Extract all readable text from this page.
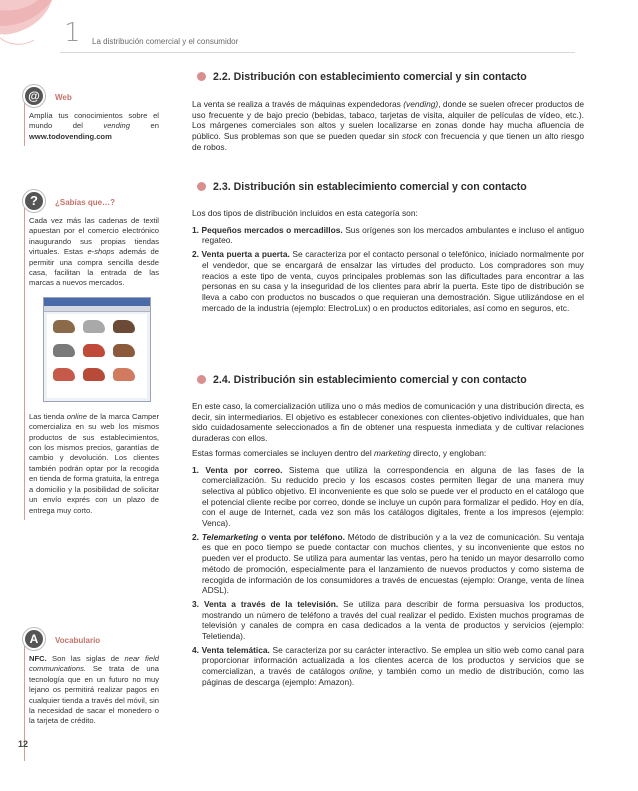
1 La distribución comercial y el consumidor
@	Web
Amplía tus conocimientos sobre el mundo del vending en www.todovending.com
?	¿Sabías que…?
Cada vez más las cadenas de textil apuestan por el comercio electrónico inaugurando sus propias tiendas virtuales. Estas e-shops además de permitir una compra sencilla desde casa, facilitan la entrada de las marcas a nuevos mercados.
Las tienda online de la marca Camper comercializa en su web los mismos productos de sus establecimientos, con los mismos precios, garantías de cambio y devolución. Los clientes también podrán optar por la recogida en tienda de forma gratuita, la entrega a domicilio y la posibilidad de solicitar un envío exprés con un plazo de entrega muy corto.
A	Vocabulario
NFC. Son las siglas de near field communications. Se trata de una tecnología que en un futuro no muy lejano os permitirá realizar pagos en cualquier tienda a través del móvil, sin la necesidad de sacar el monedero o la tarjeta de crédito.
12
2.2. Distribución con establecimiento comercial y sin contacto

La venta se realiza a través de máquinas expendedoras (vending), donde se suelen ofrecer productos de uso frecuente y de bajo precio (bebidas, tabaco, tarjetas de visita, alquiler de películas de vídeo, etc.). Los márgenes comerciales son altos y suelen localizarse en zonas donde hay mucha afluencia de público. Sus problemas son que se pueden quedar sin stock con frecuencia y que tienen un alto riesgo de robos.

2.3. Distribución sin establecimiento comercial y con contacto

Los dos tipos de distribución incluidos en esta categoría son:

1. Pequeños mercados o mercadillos. Sus orígenes son los mercados ambulantes e incluso el antiguo regateo.

2. Venta puerta a puerta. Se caracteriza por el contacto personal o telefónico, iniciado normalmente por el vendedor, que se encargará de ensalzar las virtudes del producto. Los compradores son muy reacios a este tipo de venta, cuyos principales problemas son las dificultades para encontrar a las personas en su casa y la inseguridad de los clientes para abrir la puerta. Este tipo de distribución se lleva a cabo con productos no buscados o que requieran una demostración. Sigue utilizándose en el mercado de la industria (ejemplo: ElectroLux) o en productos editoriales, así como en seguros, etc.

2.4. Distribución sin establecimiento comercial y con contacto

En este caso, la comercialización utiliza uno o más medios de comunicación y una distribución directa, es decir, sin intermediarios. El objetivo es establecer conexiones con clientes-objetivo individuales, que han sido cuidadosamente seleccionados a fin de obtener una respuesta inmediata y de cultivar relaciones duraderas con ellos.

Estas formas comerciales se incluyen dentro del marketing directo, y engloban:

1. Venta por correo. Sistema que utiliza la correspondencia en alguna de las fases de la comercialización. Su reducido precio y los escasos costes permiten llegar de una manera muy selectiva al público objetivo. El inconveniente es que solo se puede ver el producto en el catálogo que el potencial cliente recibe por correo, donde se incluye un cupón para formalizar el pedido. Hoy en día, con el auge de Internet, cada vez son más los catálogos digitales, frente a los impresos (ejemplo: Venca).

2. Telemarketing o venta por teléfono. Método de distribución y a la vez de comunicación. Su ventaja es que en poco tiempo se puede contactar con muchos clientes, y su inconveniente que estos no pueden ver el producto. Se utiliza para aumentar las ventas, pero ha tenido un mayor desarrollo como método de promoción, especialmente para el lanzamiento de nuevos productos y como sistema de recogida de información de los consumidores a través de encuestas (ejemplo: Orange, venta de línea ADSL).

3. Venta a través de la televisión. Se utiliza para describir de forma persuasiva los productos, mostrando un número de teléfono a través del cual realizar el pedido. Existen muchos programas de televisión y canales de compra en casa dedicados a la venta de productos y servicios (ejemplo: Teletienda).

4. Venta telemática. Se caracteriza por su carácter interactivo. Se emplea un sitio web como canal para proporcionar información actualizada a los clientes acerca de los productos y servicios que se comercializan, a través de catálogos online, y también como un medio de distribución, como las páginas de descarga (ejemplo: Amazon).
